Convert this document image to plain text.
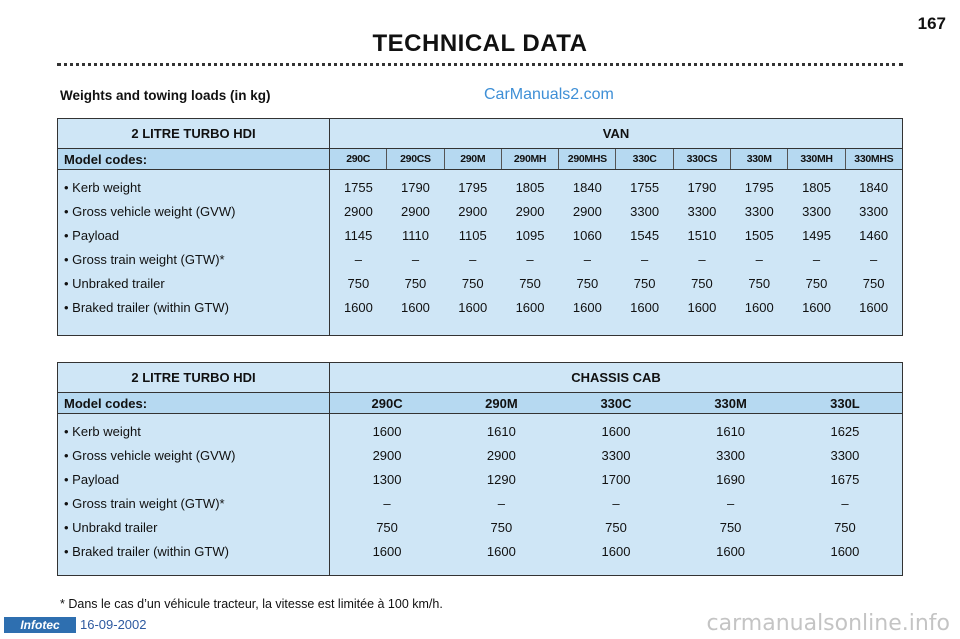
167
TECHNICAL DATA
Weights and towing loads (in kg)	CarManuals2.com
2 LITRE TURBO HDI	VAN									
Model codes:	290C	290CS	290M	290MH	290MHS	330C	330CS	330M	330MH	330MHS

• Kerb weight	1755	1790	1795	1805	1840	1755	1790	1795	1805	1840
• Gross vehicle weight (GVW)	2900	2900	2900	2900	2900	3300	3300	3300	3300	3300
• Payload	1145	1110	1105	1095	1060	1545	1510	1505	1495	1460
• Gross train weight (GTW)*	–	–	–	–	–	–	–	–	–	–
• Unbraked trailer	750	750	750	750	750	750	750	750	750	750
• Braked trailer (within GTW)	1600	1600	1600	1600	1600	1600	1600	1600	1600	1600

2 LITRE TURBO HDI	CHASSIS CAB				
Model codes:	290C	290M	330C	330M	330L

• Kerb weight	1600	1610	1600	1610	1625
• Gross vehicle weight (GVW)	2900	2900	3300	3300	3300
• Payload	1300	1290	1700	1690	1675
• Gross train weight (GTW)*	–	–	–	–	–
• Unbrakd trailer	750	750	750	750	750
• Braked trailer (within GTW)	1600	1600	1600	1600	1600

* Dans le cas d’un véhicule tracteur, la vitesse est limitée à 100 km/h.
Infotec	16-09-2002	carmanualsonline.info
